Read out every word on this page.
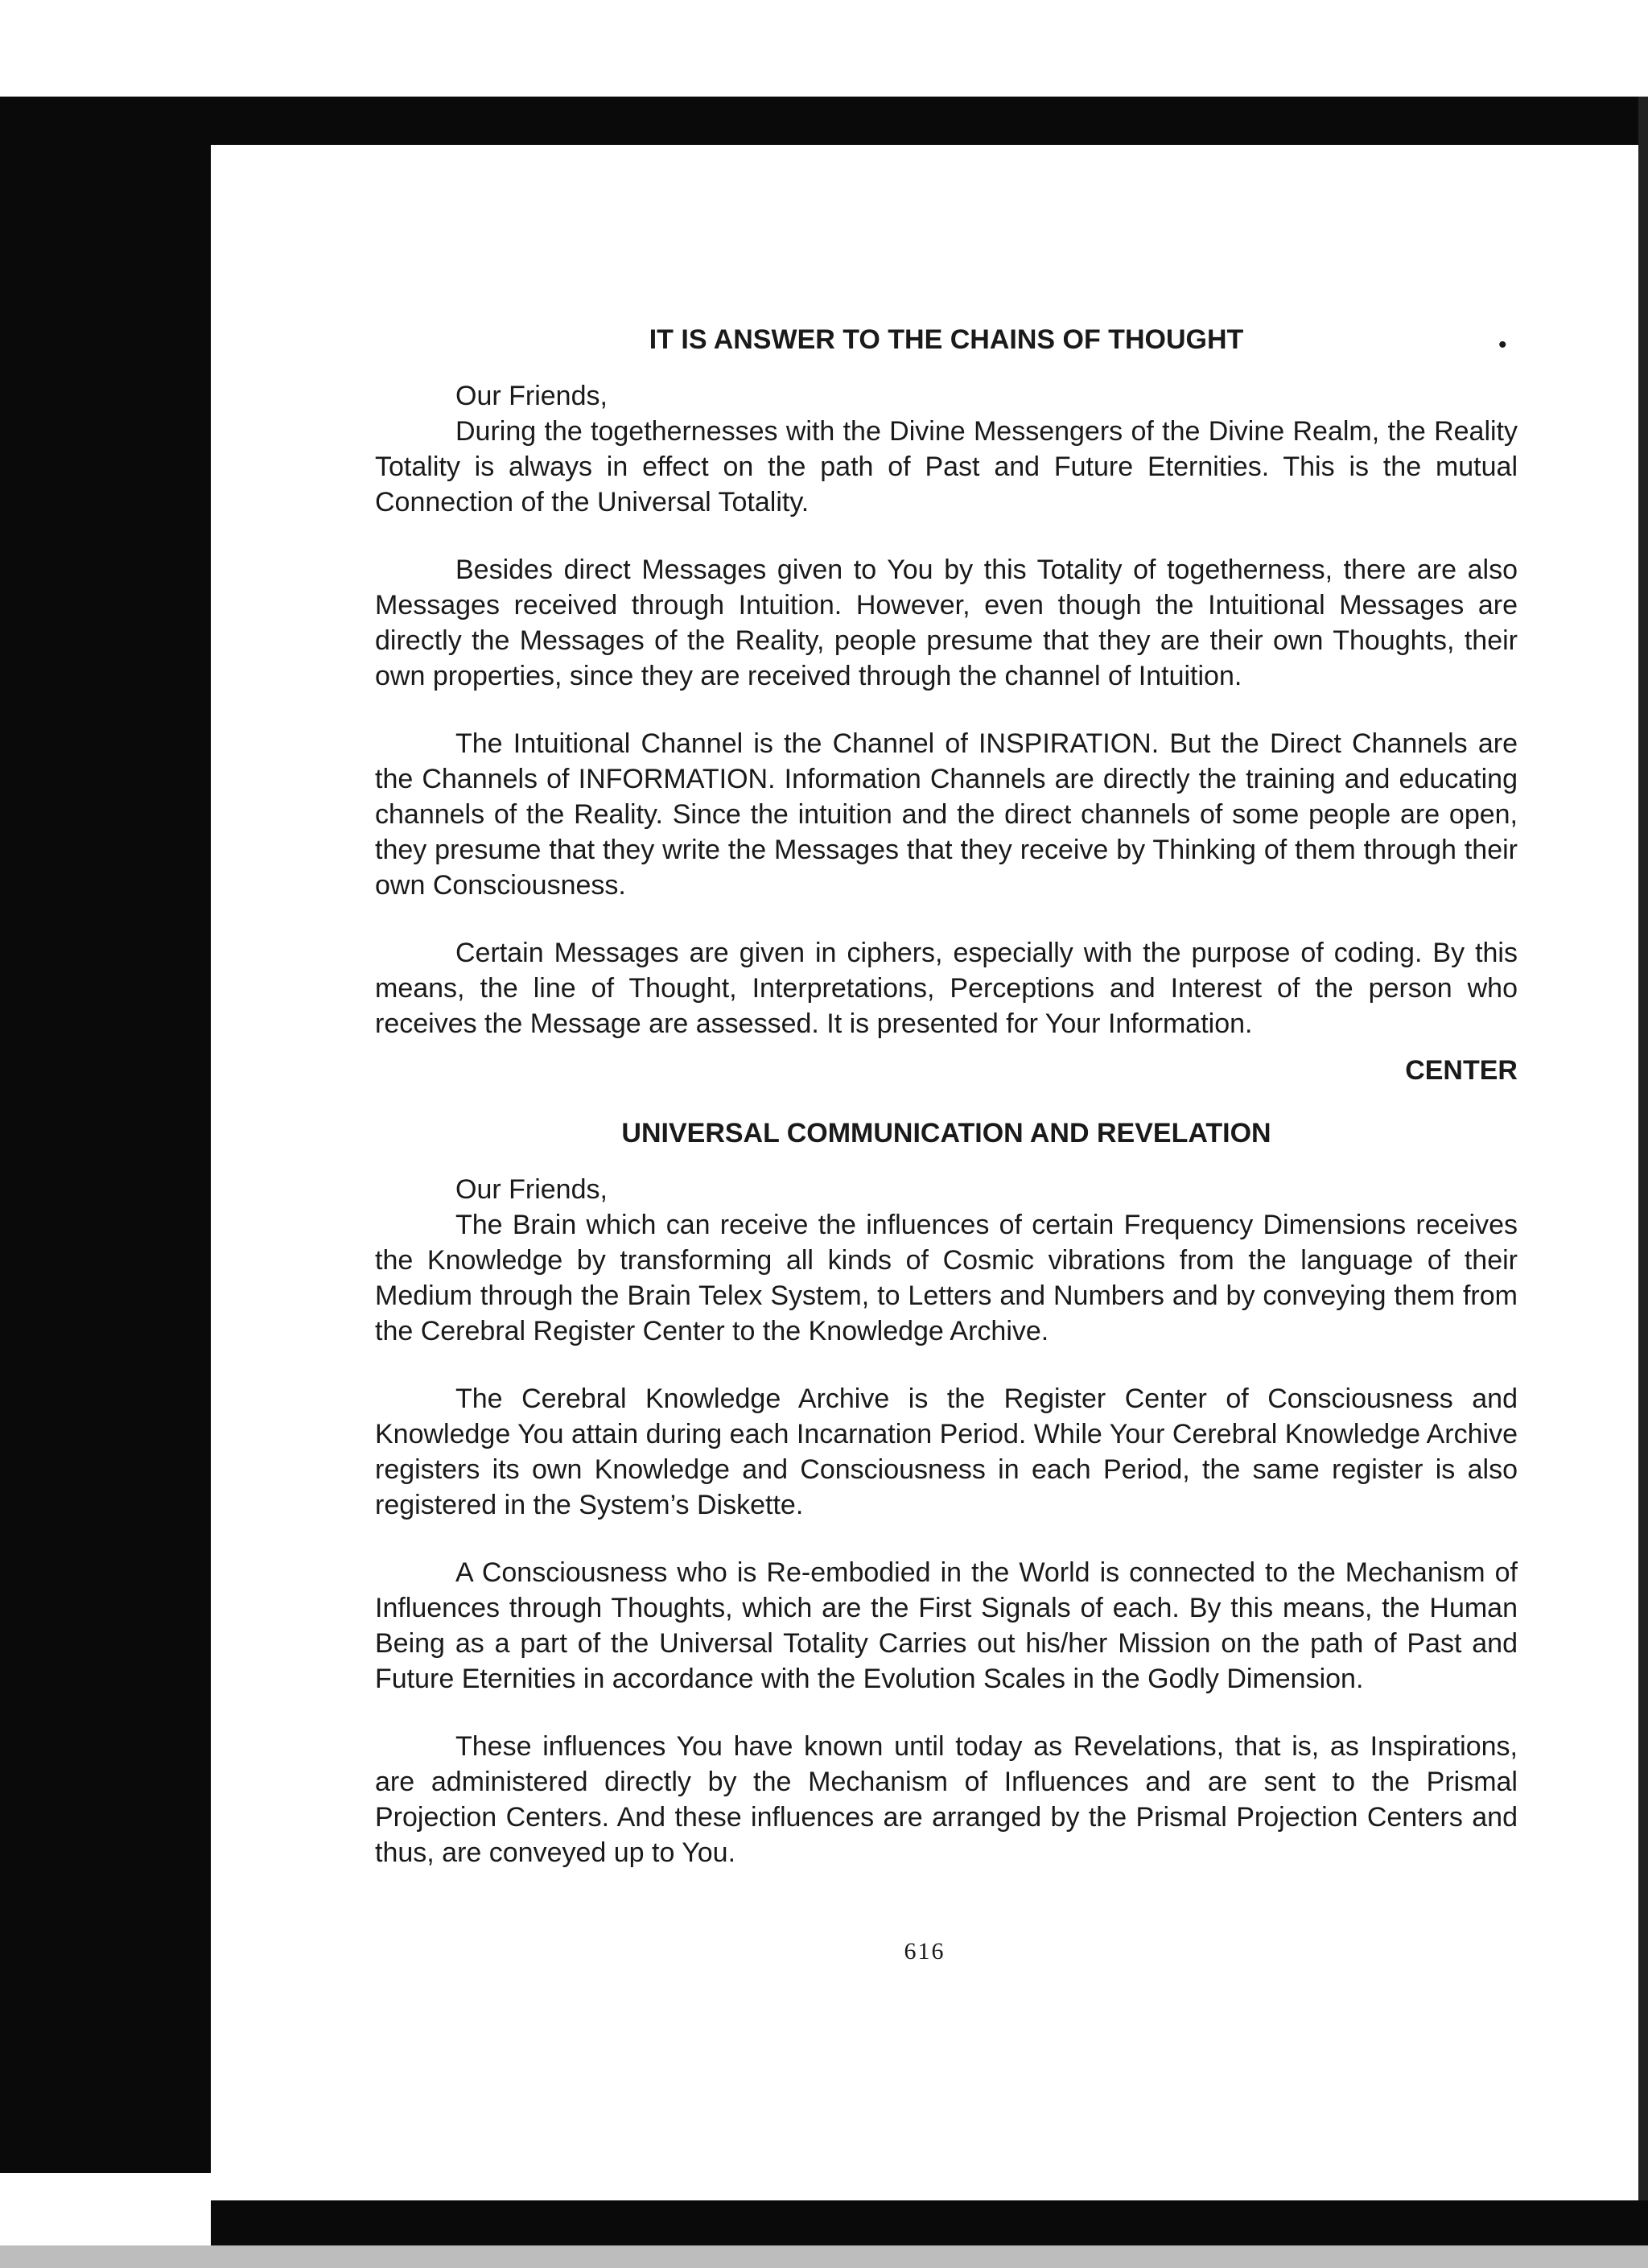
•
IT IS ANSWER TO THE CHAINS OF THOUGHT
Our Friends,

During the togethernesses with the Divine Messengers of the Divine Realm, the Reality Totality is always in effect on the path of Past and Future Eternities. This is the mutual Connection of the Universal Totality.

Besides direct Messages given to You by this Totality of togetherness, there are also Messages received through Intuition. However, even though the Intuitional Messages are directly the Messages of the Reality, people presume that they are their own Thoughts, their own properties, since they are received through the channel of Intuition.

The Intuitional Channel is the Channel of INSPIRATION. But the Direct Channels are the Channels of INFORMATION. Information Channels are directly the training and educating channels of the Reality. Since the intuition and the direct channels of some people are open, they presume that they write the Messages that they receive by Thinking of them through their own Consciousness.

Certain Messages are given in ciphers, especially with the purpose of coding. By this means, the line of Thought, Interpretations, Perceptions and Interest of the person who receives the Message are assessed. It is presented for Your Information.

CENTER
UNIVERSAL COMMUNICATION AND REVELATION
Our Friends,

The Brain which can receive the influences of certain Frequency Dimensions receives the Knowledge by transforming all kinds of Cosmic vibrations from the language of their Medium through the Brain Telex System, to Letters and Numbers and by conveying them from the Cerebral Register Center to the Knowledge Archive.

The Cerebral Knowledge Archive is the Register Center of Consciousness and Knowledge You attain during each Incarnation Period. While Your Cerebral Knowledge Archive registers its own Knowledge and Consciousness in each Period, the same register is also registered in the System’s Diskette.

A Consciousness who is Re-embodied in the World is connected to the Mechanism of Influences through Thoughts, which are the First Signals of each. By this means, the Human Being as a part of the Universal Totality Carries out his/her Mission on the path of Past and Future Eternities in accordance with the Evolution Scales in the Godly Dimension.

These influences You have known until today as Revelations, that is, as Inspirations, are administered directly by the Mechanism of Influences and are sent to the Prismal Projection Centers. And these influences are arranged by the Prismal Projection Centers and thus, are conveyed up to You.

616
